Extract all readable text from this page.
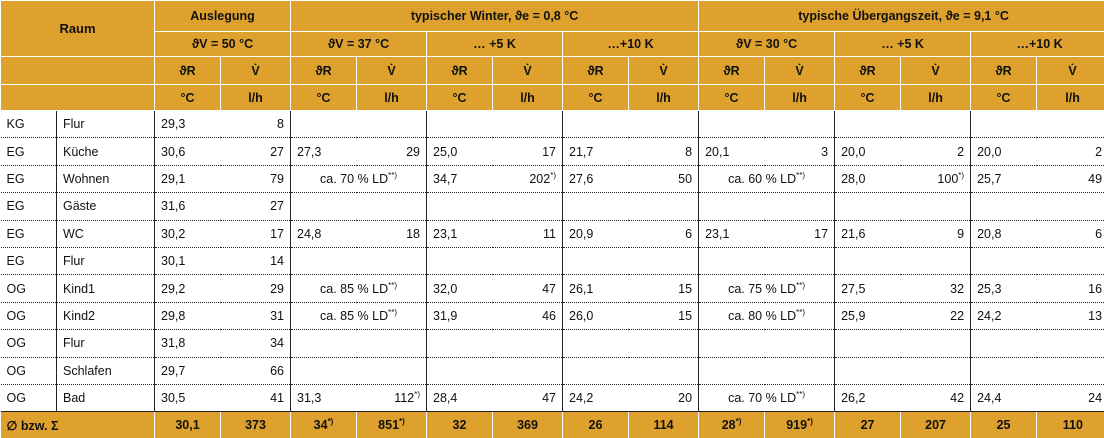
Raum		Auslegung		typischer Winter, ϑe = 0,8 °C						typische Übergangszeit, ϑe = 9,1 °C					
		ϑV = 50 °C		ϑV = 37 °C		… +5 K		…+10 K		ϑV = 30 °C		… +5 K		…+10 K	
		ϑR	V̇	ϑR	V̇	ϑR	V̇	ϑR	V̇	ϑR	V̇	ϑR	V̇	ϑR	V̇
		°C	l/h	°C	l/h	°C	l/h	°C	l/h	°C	l/h	°C	l/h	°C	l/h
KG	Flur	29,3	8												
EG	Küche	30,6	27	27,3	29	25,0	17	21,7	8	20,1	3	20,0	2	20,0	2
EG	Wohnen	29,1	79	ca. 70 % LD**)		34,7	202*)	27,6	50	ca. 60 % LD**)		28,0	100*)	25,7	49
EG	Gäste	31,6	27												
EG	WC	30,2	17	24,8	18	23,1	11	20,9	6	23,1	17	21,6	9	20,8	6
EG	Flur	30,1	14												
OG	Kind1	29,2	29	ca. 85 % LD**)		32,0	47	26,1	15	ca. 75 % LD**)		27,5	32	25,3	16
OG	Kind2	29,8	31	ca. 85 % LD**)		31,9	46	26,0	15	ca. 80 % LD**)		25,9	22	24,2	13
OG	Flur	31,8	34												
OG	Schlafen	29,7	66												
OG	Bad	30,5	41	31,3	112*)	28,4	47	24,2	20	ca. 70 % LD**)		26,2	42	24,4	24
∅ bzw. Σ		30,1	373	34*)	851*)	32	369	26	114	28*)	919*)	27	207	25	110
